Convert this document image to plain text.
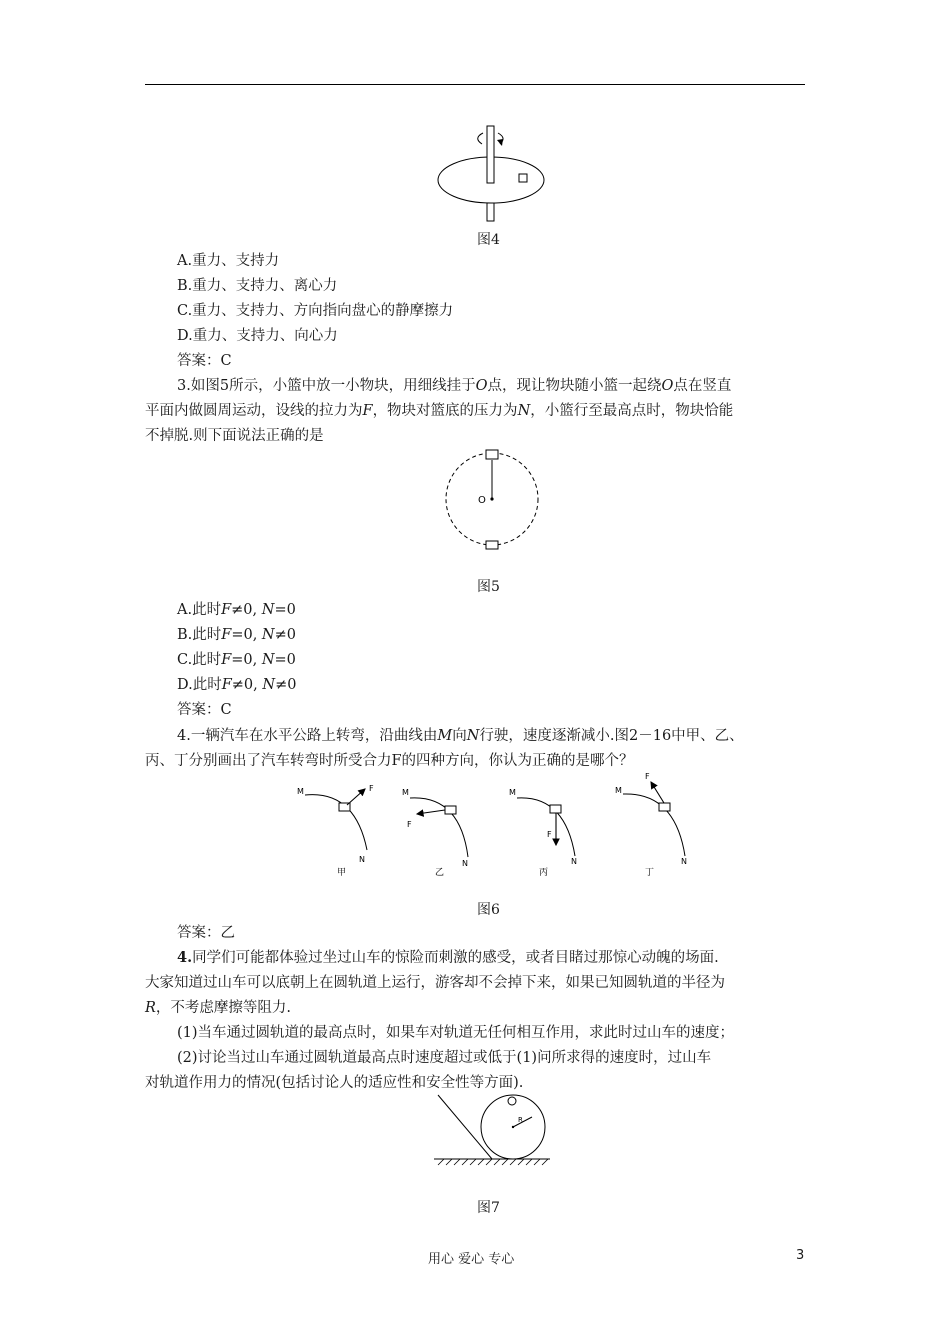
图4
A.重力、支持力
B.重力、支持力、离心力
C.重力、支持力、方向指向盘心的静摩擦力
D.重力、支持力、向心力
答案：C
3.如图5所示，小篮中放一小物块，用细线挂于O点，现让物块随小篮一起绕O点在竖直
平面内做圆周运动，设线的拉力为F，物块对篮底的压力为N，小篮行至最高点时，物块恰能
不掉脱.则下面说法正确的是
O
图5
A.此时F≠0, N=0
B.此时F=0, N≠0
C.此时F=0, N=0
D.此时F≠0, N≠0
答案：C
4.一辆汽车在水平公路上转弯，沿曲线由M向N行驶，速度逐渐减小.图2－16中甲、乙、
丙、丁分别画出了汽车转弯时所受合力F的四种方向，你认为正确的是哪个？
M	F
N
甲
M
F
N
乙
M
F
N
丙
M
F
N
丁
图6
答案：乙
4.同学们可能都体验过坐过山车的惊险而刺激的感受，或者目睹过那惊心动魄的场面.
大家知道过山车可以底朝上在圆轨道上运行，游客却不会掉下来，如果已知圆轨道的半径为
R，不考虑摩擦等阻力.
(1)当车通过圆轨道的最高点时，如果车对轨道无任何相互作用，求此时过山车的速度；
(2)讨论当过山车通过圆轨道最高点时速度超过或低于(1)问所求得的速度时，过山车
对轨道作用力的情况(包括讨论人的适应性和安全性等方面).
R
图7
用心 爱心 专心	3
